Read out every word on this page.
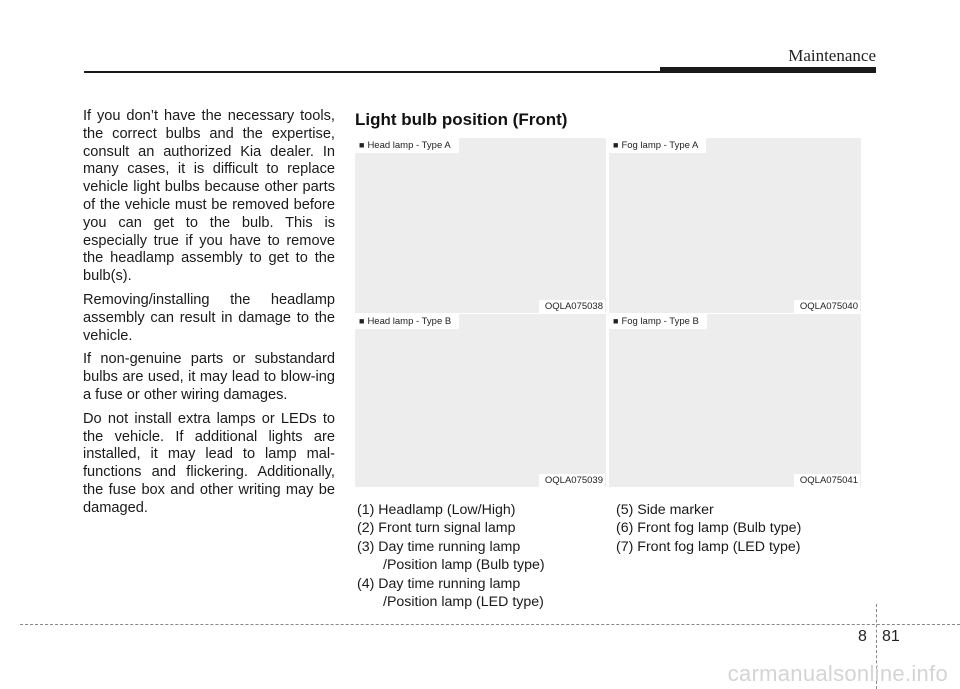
Maintenance

If you don’t have the necessary tools, the correct bulbs and the expertise, consult an authorized Kia dealer. In many cases, it is difficult to replace vehicle light bulbs because other parts of the vehicle must be removed before you can get to the bulb. This is especially true if you have to remove the headlamp assembly to get to the bulb(s).

Removing/installing the headlamp assembly can result in damage to the vehicle.

If non-genuine parts or substandard bulbs are used, it may lead to blow-ing a fuse or other wiring damages.

Do not install extra lamps or LEDs to the vehicle. If additional lights are installed, it may lead to lamp mal-functions and flickering. Additionally, the fuse box and other writing may be damaged.

Light bulb position (Front)
■ Head lamp - Type A
OQLA075038
■ Fog lamp - Type A
OQLA075040
■ Head lamp - Type B
OQLA075039
■ Fog lamp - Type B
OQLA075041
(1) Headlamp (Low/High)
(2) Front turn signal lamp
(3) Day time running lamp
/Position lamp (Bulb type)
(4) Day time running lamp
/Position lamp (LED type)
(5) Side marker
(6) Front fog lamp (Bulb type)
(7) Front fog lamp (LED type)
8 81
carmanualsonline.info
